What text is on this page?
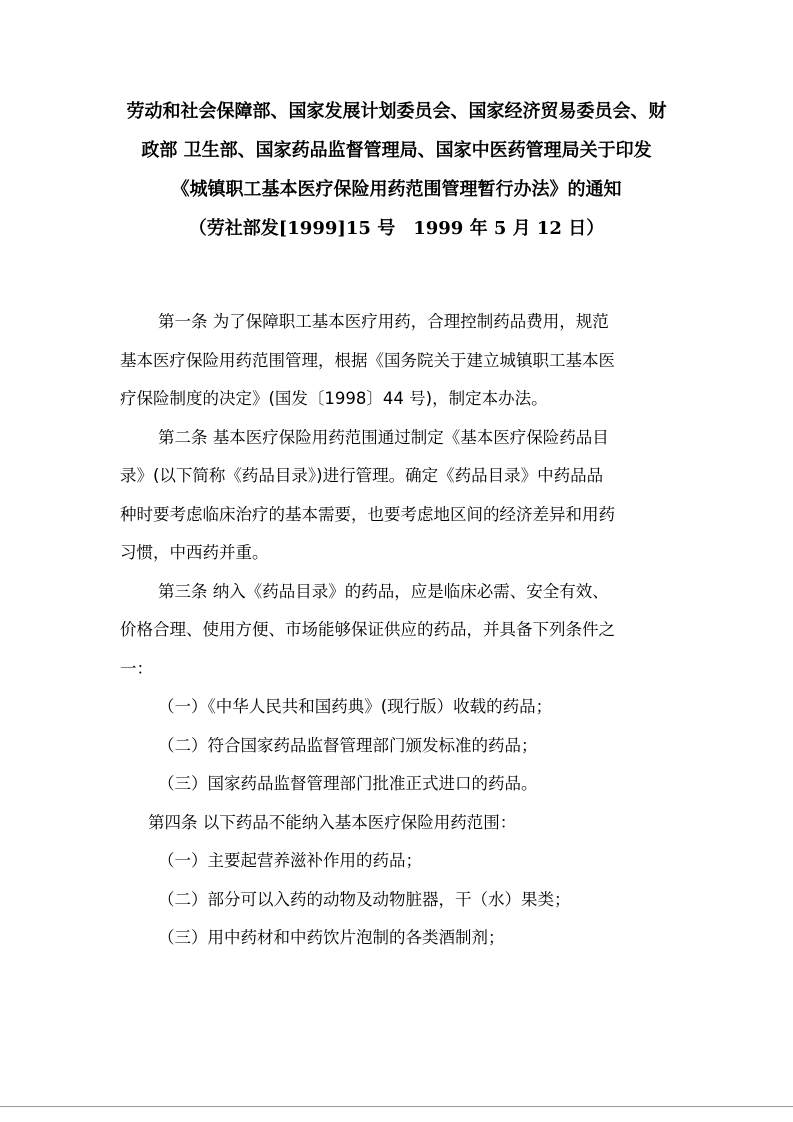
劳动和社会保障部、国家发展计划委员会、国家经济贸易委员会、财
政部 卫生部、国家药品监督管理局、国家中医药管理局关于印发
《城镇职工基本医疗保险用药范围管理暂行办法》的通知
（劳社部发[1999]15 号　1999 年 5 月 12 日）
第一条 为了保障职工基本医疗用药，合理控制药品费用，规范
基本医疗保险用药范围管理，根据《国务院关于建立城镇职工基本医
疗保险制度的决定》(国发〔1998〕44 号)，制定本办法。
第二条 基本医疗保险用药范围通过制定《基本医疗保险药品目
录》(以下简称《药品目录》)进行管理。确定《药品目录》中药品品
种时要考虑临床治疗的基本需要，也要考虑地区间的经济差异和用药
习惯，中西药并重。
第三条 纳入《药品目录》的药品，应是临床必需、安全有效、
价格合理、使用方便、市场能够保证供应的药品，并具备下列条件之
一：
（一）《中华人民共和国药典》(现行版）收载的药品；
（二）符合国家药品监督管理部门颁发标准的药品；
（三）国家药品监督管理部门批准正式进口的药品。
第四条 以下药品不能纳入基本医疗保险用药范围：
（一）主要起营养滋补作用的药品；
（二）部分可以入药的动物及动物脏器，干（水）果类；
（三）用中药材和中药饮片泡制的各类酒制剂；
